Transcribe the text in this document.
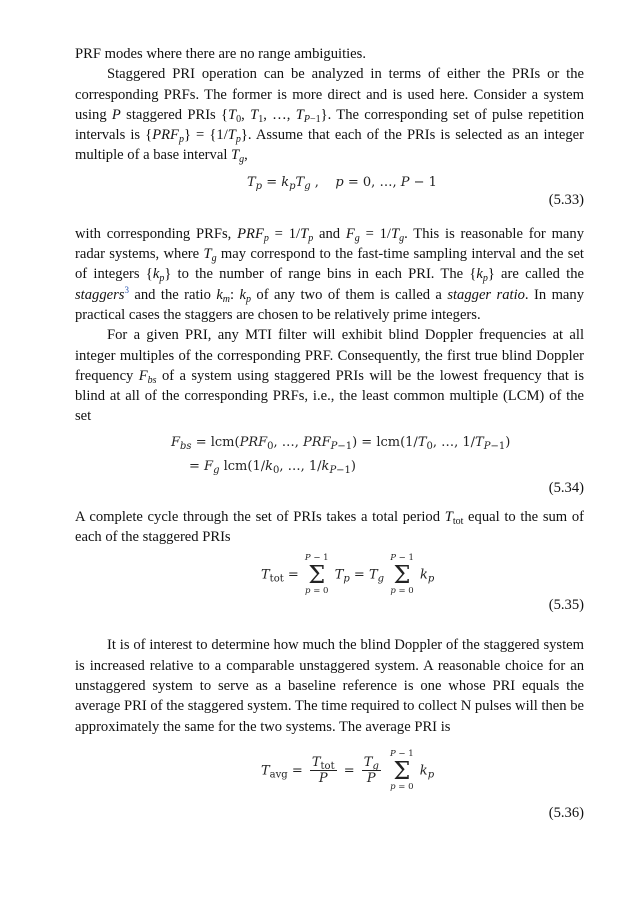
PRF modes where there are no range ambiguities.

Staggered PRI operation can be analyzed in terms of either the PRIs or the corresponding PRFs. The former is more direct and is used here. Consider a system using P staggered PRIs {$T_0$, $T_1$, …, $T_{P-1}$}. The corresponding set of pulse repetition intervals is $\{PRF_p\} = \{1/T_p\}$. Assume that each of the PRIs is selected as an integer multiple of a base interval $T_g$,

$T_p = k_pT_g$ ,    p = 0, …, P − 1
(5.33)

with corresponding PRFs, $PRF_p = 1/T_p$ and $F_g = 1/T_g$. This is reasonable for many radar systems, where $T_g$ may correspond to the fast-time sampling interval and the set of integers $\{k_p\}$ to the number of range bins in each PRI. The $\{k_p\}$ are called the staggers$^3$ and the ratio $k_m$: $k_p$ of any two of them is called a stagger ratio. In many practical cases the staggers are chosen to be relatively prime integers.

For a given PRI, any MTI filter will exhibit blind Doppler frequencies at all integer multiples of the corresponding PRF. Consequently, the first true blind Doppler frequency $F_{bs}$ of a system using staggered PRIs will be the lowest frequency that is blind at all of the corresponding PRFs, i.e., the least common multiple (LCM) of the set

$F_{bs} = lcm(PRF_0$, …, $PRF_{P-1}) = lcm(1/T_0$, …, $1/T_{P-1}$)
= $F_g$ $lcm(1/k_0$, …, $1/k_{P-1}$)
(5.34)

A complete cycle through the set of PRIs takes a total period $T_{tot}$ equal to the sum of each of the staggered PRIs

$T_{tot}$ =
P − 1
Σ
p = 0
$T_p = T_g$
P − 1
Σ
p = 0
$k_p$
(5.35)

It is of interest to determine how much the blind Doppler of the staggered system is increased relative to a comparable unstaggered system. A reasonable choice for an unstaggered system to serve as a baseline reference is one whose PRI equals the average PRI of the staggered system. The time required to collect N pulses will then be approximately the same for the two systems. The average PRI is

$T_{avg} = \frac{T_{tot}}{P} = \frac{T_g}{P}$

P − 1
Σ
p = 0
$k_p$
(5.36)
